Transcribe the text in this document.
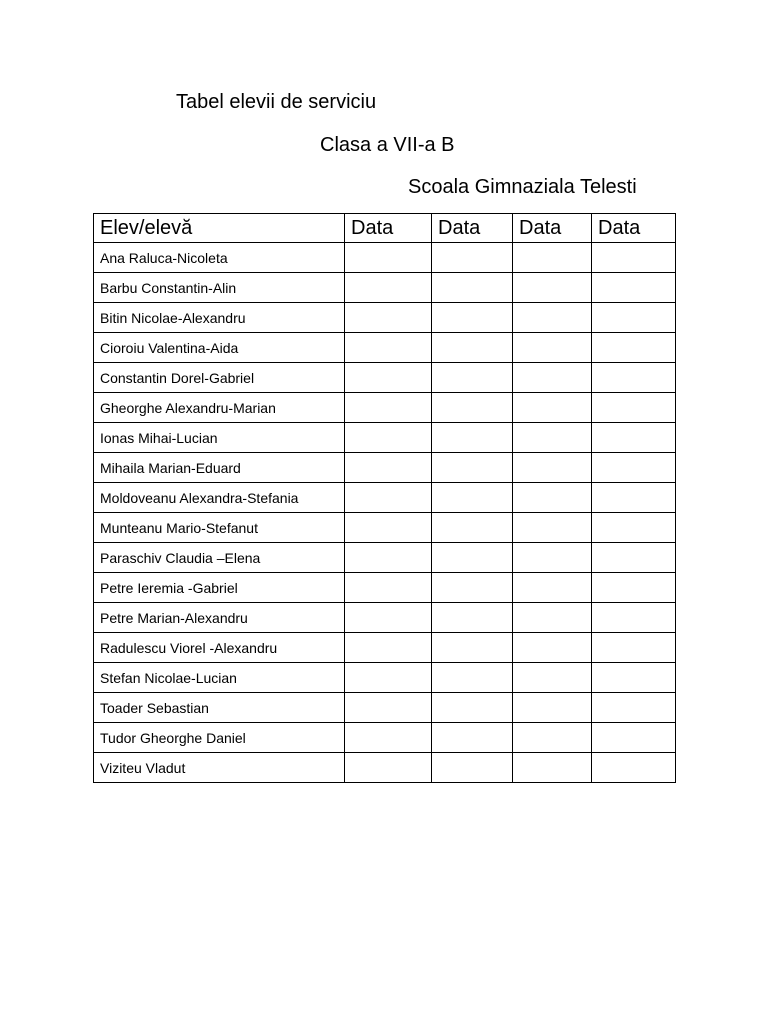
Tabel elevii de serviciu
Clasa a VII-a B
Scoala Gimnaziala Telesti
Elev/elevă	Data	Data	Data	Data
Ana Raluca-Nicoleta				
Barbu Constantin-Alin				
Bitin Nicolae-Alexandru				
Cioroiu Valentina-Aida				
Constantin Dorel-Gabriel				
Gheorghe Alexandru-Marian				
Ionas Mihai-Lucian				
Mihaila Marian-Eduard				
Moldoveanu Alexandra-Stefania				
Munteanu Mario-Stefanut				
Paraschiv Claudia –Elena				
Petre Ieremia -Gabriel				
Petre Marian-Alexandru				
Radulescu Viorel -Alexandru				
Stefan Nicolae-Lucian				
Toader Sebastian				
Tudor Gheorghe Daniel				
Viziteu Vladut				
